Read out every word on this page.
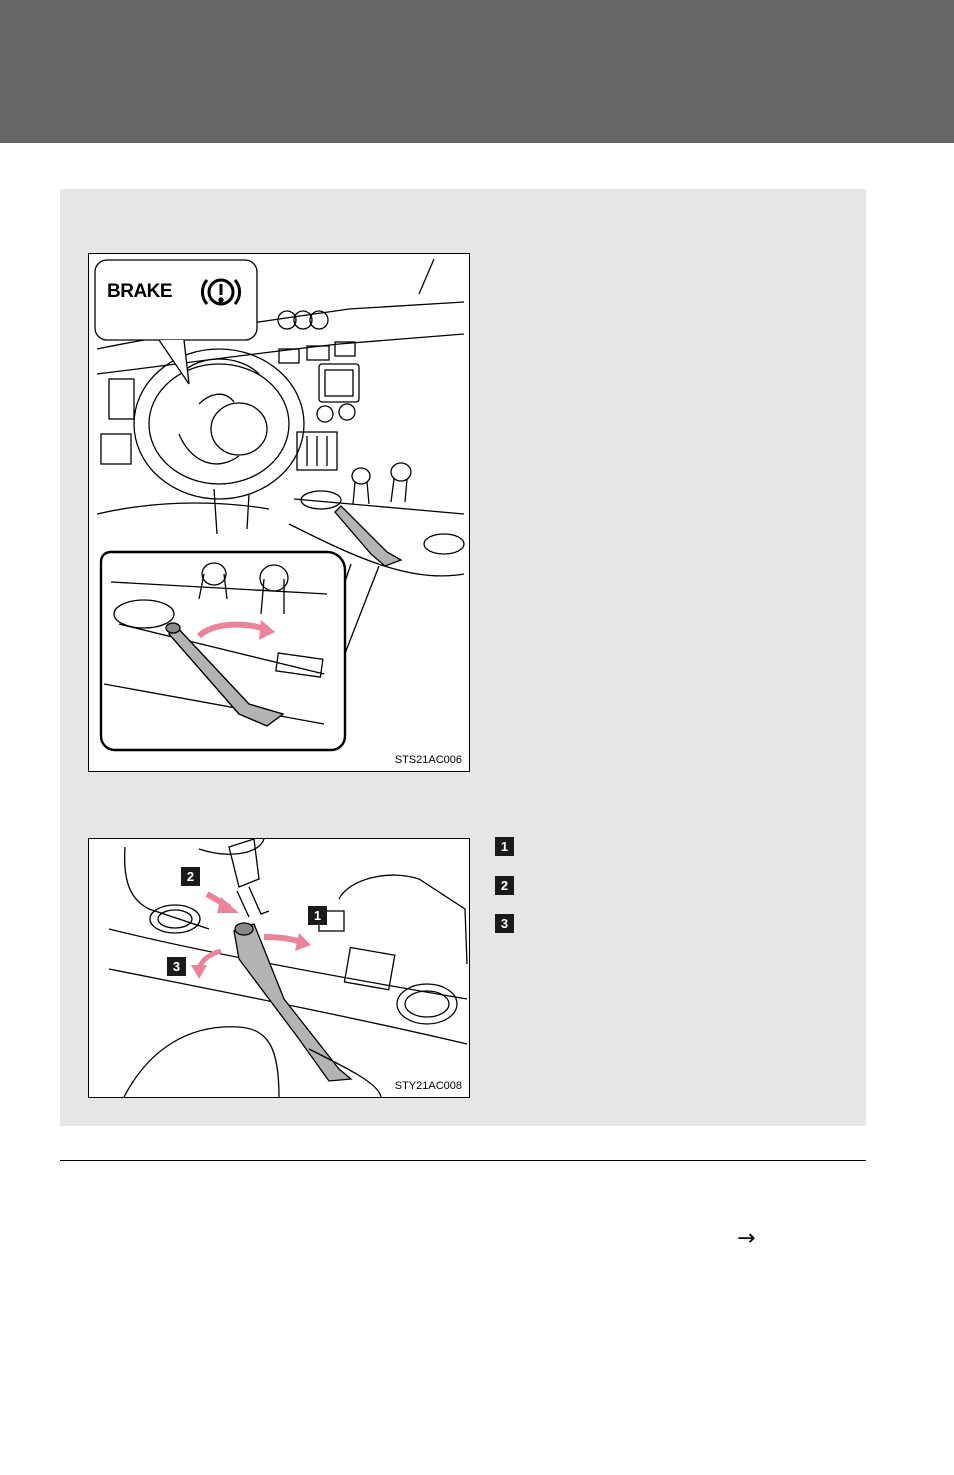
BRAKE
STS21AC006
2
1
3
STY21AC008
1
2
3
→
